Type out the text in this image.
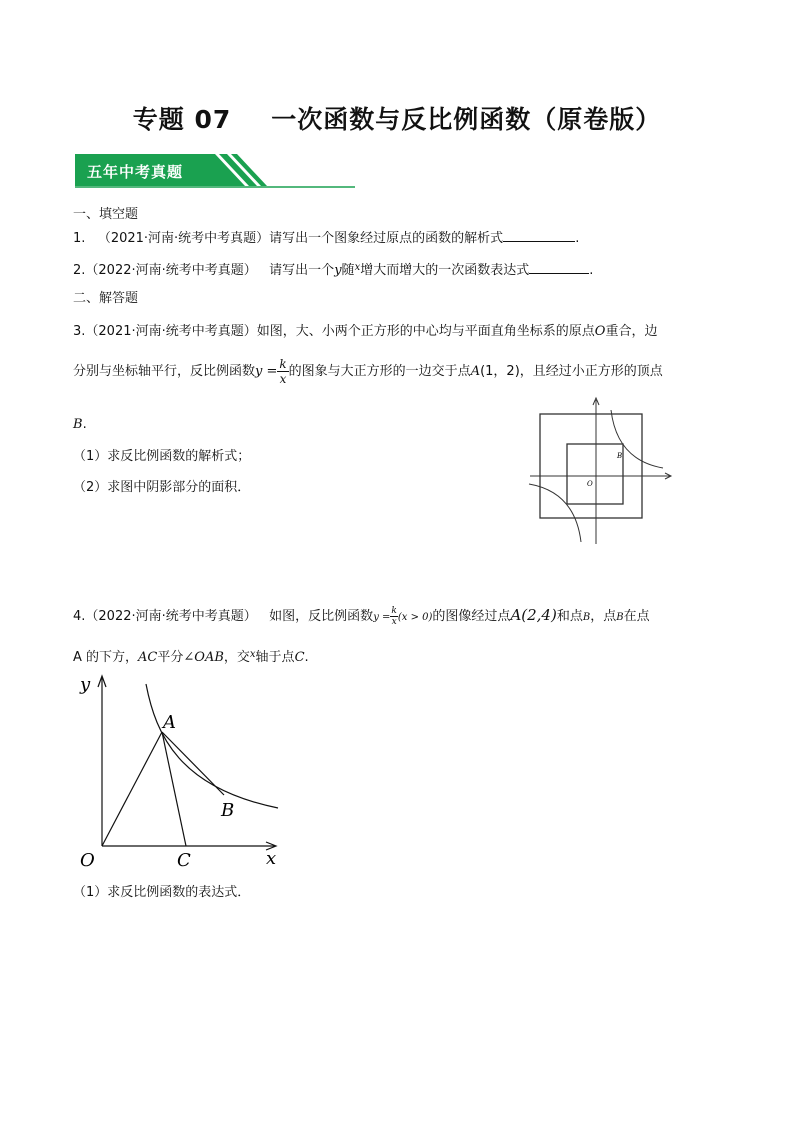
专题 07 一次函数与反比例函数（原卷版）
五年中考真题
一、填空题
1. （2021·河南·统考中考真题）请写出一个图象经过原点的函数的解析式	.
2.（2022·河南·统考中考真题） 请写出一个y随$^x$增大而增大的一次函数表达式	.
二、解答题
3.（2021·河南·统考中考真题）如图，大、小两个正方形的中心均与平面直角坐标系的原点O重合，边
分别与坐标轴平行，反比例函数$y = \frac{k}{x}$ 的图象与大正方形的一边交于点A(1，2)，且经过小正方形的顶点
B.
（1）求反比例函数的解析式；
（2）求图中阴影部分的面积．
B
O
4.（2022·河南·统考中考真题） 如图，反比例函数$y = \frac{k}{x} (x > 0)$的图像经过点A(2,4)和点B，点B在点
A 的下方，AC平分∠OAB，交$^x$轴于点C.
y
x
O
A
B
C
（1）求反比例函数的表达式．
